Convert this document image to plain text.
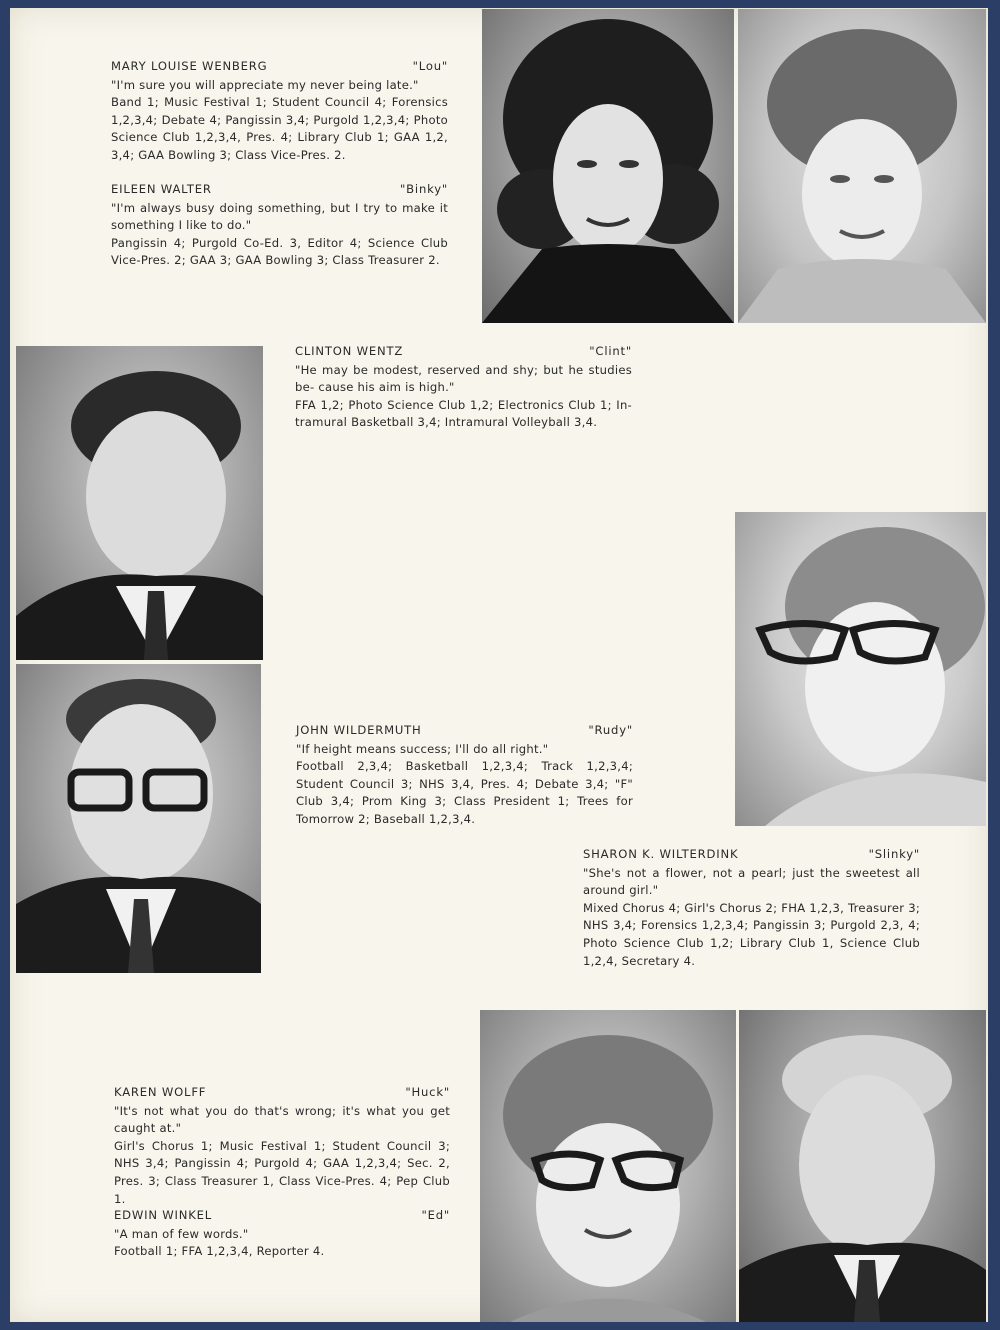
MARY LOUISE WENBERG	"Lou"
"I'm sure you will appreciate my never being late."
Band 1; Music Festival 1; Student Council 4; Forensics 1,2,3,4; Debate 4; Pangissin 3,4; Purgold 1,2,3,4; Photo Science Club 1,2,3,4, Pres. 4; Library Club 1; GAA 1,2, 3,4; GAA Bowling 3; Class Vice-Pres. 2.
EILEEN WALTER	"Binky"
"I'm always busy doing something, but I try to make it something I like to do."
Pangissin 4; Purgold Co-Ed. 3, Editor 4; Science Club Vice-Pres. 2; GAA 3; GAA Bowling 3; Class Treasurer 2.
CLINTON WENTZ	"Clint"
"He may be modest, reserved and shy; but he studies be- cause his aim is high."
FFA 1,2; Photo Science Club 1,2; Electronics Club 1; In- tramural Basketball 3,4; Intramural Volleyball 3,4.
JOHN WILDERMUTH	"Rudy"
"If height means success; I'll do all right."
Football 2,3,4; Basketball 1,2,3,4; Track 1,2,3,4; Student Council 3; NHS 3,4, Pres. 4; Debate 3,4; "F" Club 3,4; Prom King 3; Class President 1; Trees for Tomorrow 2; Baseball 1,2,3,4.
SHARON K. WILTERDINK	"Slinky"
"She's not a flower, not a pearl; just the sweetest all around girl."
Mixed Chorus 4; Girl's Chorus 2; FHA 1,2,3, Treasurer 3; NHS 3,4; Forensics 1,2,3,4; Pangissin 3; Purgold 2,3, 4; Photo Science Club 1,2; Library Club 1, Science Club 1,2,4, Secretary 4.
KAREN WOLFF	"Huck"
"It's not what you do that's wrong; it's what you get caught at."
Girl's Chorus 1; Music Festival 1; Student Council 3; NHS 3,4; Pangissin 4; Purgold 4; GAA 1,2,3,4; Sec. 2, Pres. 3; Class Treasurer 1, Class Vice-Pres. 4; Pep Club 1.
EDWIN WINKEL	"Ed"
"A man of few words."
Football 1; FFA 1,2,3,4, Reporter 4.
